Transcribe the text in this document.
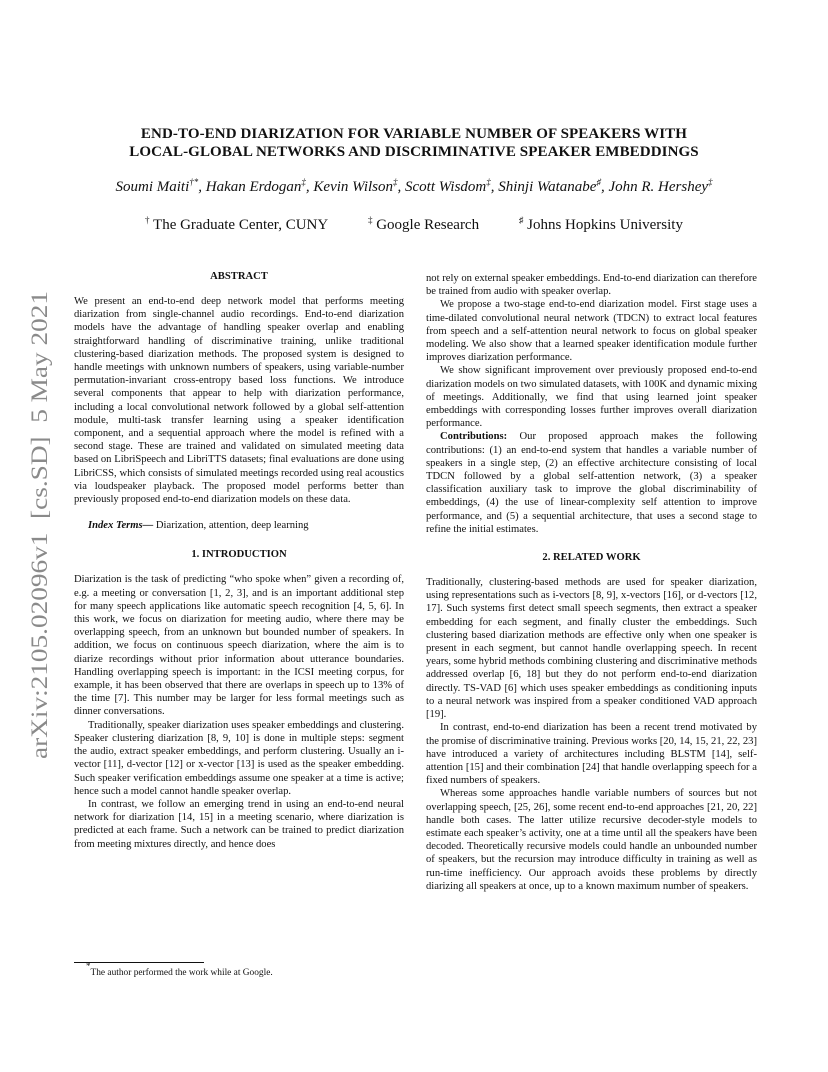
arXiv:2105.02096v1  [cs.SD]  5 May 2021
END-TO-END DIARIZATION FOR VARIABLE NUMBER OF SPEAKERS WITH
LOCAL-GLOBAL NETWORKS AND DISCRIMINATIVE SPEAKER EMBEDDINGS
Soumi Maiti†*, Hakan Erdogan‡, Kevin Wilson‡, Scott Wisdom‡, Shinji Watanabe♯, John R. Hershey‡
† The Graduate Center, CUNY	‡ Google Research	♯ Johns Hopkins University

ABSTRACT

We present an end-to-end deep network model that performs meeting diarization from single-channel audio recordings. End-to-end diarization models have the advantage of handling speaker overlap and enabling straightforward handling of discriminative training, unlike traditional clustering-based diarization methods. The proposed system is designed to handle meetings with unknown numbers of speakers, using variable-number permutation-invariant cross-entropy based loss functions. We introduce several components that appear to help with diarization performance, including a local convolutional network followed by a global self-attention module, multi-task transfer learning using a speaker identification component, and a sequential approach where the model is refined with a second stage. These are trained and validated on simulated meeting data based on LibriSpeech and LibriTTS datasets; final evaluations are done using LibriCSS, which consists of simulated meetings recorded using real acoustics via loudspeaker playback. The proposed model performs better than previously proposed end-to-end diarization models on these data.

Index Terms— Diarization, attention, deep learning

1. INTRODUCTION

Diarization is the task of predicting “who spoke when” given a recording of, e.g. a meeting or conversation [1, 2, 3], and is an important additional step for many speech applications like automatic speech recognition [4, 5, 6]. In this work, we focus on diarization for meeting audio, where there may be overlapping speech, from an unknown but bounded number of speakers. In addition, we focus on continuous speech diarization, where the aim is to diarize recordings without prior information about utterance boundaries. Handling overlapping speech is important: in the ICSI meeting corpus, for example, it has been observed that there are overlaps in speech up to 13% of the time [7]. This number may be larger for less formal meetings such as dinner conversations.

Traditionally, speaker diarization uses speaker embeddings and clustering. Speaker clustering diarization [8, 9, 10] is done in multiple steps: segment the audio, extract speaker embeddings, and perform clustering. Usually an i-vector [11], d-vector [12] or x-vector [13] is used as the speaker embedding. Such speaker verification embeddings assume one speaker at a time is active; hence such a model cannot handle speaker overlap.

In contrast, we follow an emerging trend in using an end-to-end neural network for diarization [14, 15] in a meeting scenario, where diarization is predicted at each frame. Such a network can be trained to predict diarization from meeting mixtures directly, and hence does

not rely on external speaker embeddings. End-to-end diarization can therefore be trained from audio with speaker overlap.

We propose a two-stage end-to-end diarization model. First stage uses a time-dilated convolutional neural network (TDCN) to extract local features from speech and a self-attention neural network to focus on global speaker modeling. We also show that a learned speaker identification module further improves diarization performance.

We show significant improvement over previously proposed end-to-end diarization models on two simulated datasets, with 100K and dynamic mixing of meetings. Additionally, we find that using learned joint speaker embeddings with corresponding losses further improves overall diarization performance.

Contributions: Our proposed approach makes the following contributions: (1) an end-to-end system that handles a variable number of speakers in a single step, (2) an effective architecture consisting of local TDCN followed by a global self-attention network, (3) a speaker classification auxiliary task to improve the global discriminability of embeddings, (4) the use of linear-complexity self attention to improve performance, and (5) a sequential architecture, that uses a second stage to refine the initial estimates.

2. RELATED WORK

Traditionally, clustering-based methods are used for speaker diarization, using representations such as i-vectors [8, 9], x-vectors [16], or d-vectors [12, 17]. Such systems first detect small speech segments, then extract a speaker embedding for each segment, and finally cluster the embeddings. Such clustering based diarization methods are effective only when one speaker is present in each segment, but cannot handle overlapping speech. In recent years, some hybrid methods combining clustering and discriminative methods addressed overlap [6, 18] but they do not perform end-to-end diarization directly. TS-VAD [6] which uses speaker embeddings as conditioning inputs to a neural network was inspired from a speaker conditioned VAD approach [19].

In contrast, end-to-end diarization has been a recent trend motivated by the promise of discriminative training. Previous works [20, 14, 15, 21, 22, 23] have introduced a variety of architectures including BLSTM [14], self-attention [15] and their combination [24] that handle overlapping speech for a fixed numbers of speakers.

Whereas some approaches handle variable numbers of sources but not overlapping speech, [25, 26], some recent end-to-end approaches [21, 20, 22] handle both cases. The latter utilize recursive decoder-style models to estimate each speaker’s activity, one at a time until all the speakers have been decoded. Theoretically recursive models could handle an unbounded number of speakers, but the recursion may introduce difficulty in training as well as run-time inefficiency. Our approach avoids these problems by directly diarizing all speakers at once, up to a known maximum number of speakers.

*The author performed the work while at Google.
